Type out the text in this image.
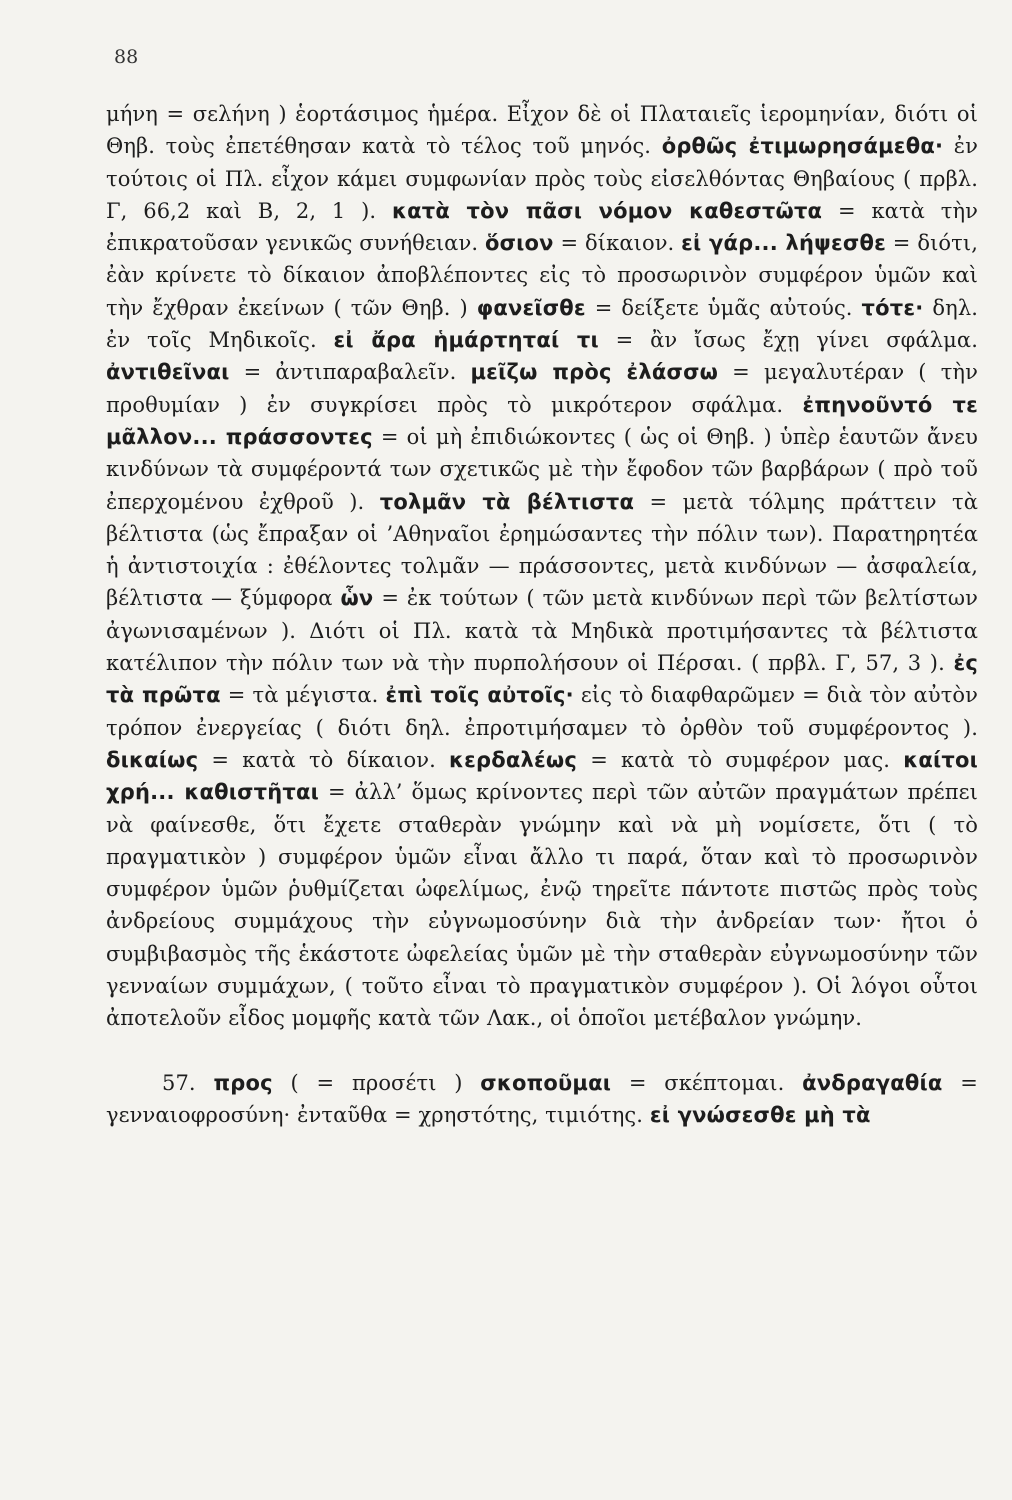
88

μήνη = σελήνη ) ἑορτάσιμος ἡμέρα. Εἶχον δὲ οἱ Πλαταιεῖς ἱερομηνίαν, διότι οἱ Θηβ. τοὺς ἐπετέθησαν κατὰ τὸ τέλος τοῦ μηνός. ὀρθῶς ἐτιμωρησάμεθα· ἐν τούτοις οἱ Πλ. εἶχον κάμει συμφωνίαν πρὸς τοὺς εἰσελθόντας Θηβαίους ( πρβλ. Γ, 66,2 καὶ Β, 2, 1 ). κατὰ τὸν πᾶσι νόμον καθεστῶτα = κατὰ τὴν ἐπικρατοῦσαν γενικῶς συνήθειαν. ὅσιον = δίκαιον. εἰ γάρ... λήψεσθε = διότι, ἐὰν κρίνετε τὸ δίκαιον ἀποβλέποντες εἰς τὸ προσωρινὸν συμφέρον ὑμῶν καὶ τὴν ἔχθραν ἐκείνων ( τῶν Θηβ. ) φανεῖσθε = δείξετε ὑμᾶς αὐτούς. τότε· δηλ. ἐν τοῖς Μηδικοῖς. εἰ ἄρα ἡμάρτηταί τι = ἂν ἴσως ἔχῃ γίνει σφάλμα. ἀντιθεῖναι = ἀντιπαραβαλεῖν. μεῖζω πρὸς ἐλάσσω = μεγαλυτέραν ( τὴν προθυμίαν ) ἐν συγκρίσει πρὸς τὸ μικρότερον σφάλμα. ἐπηνοῦντό τε μᾶλλον... πράσσοντες = οἱ μὴ ἐπιδιώκοντες ( ὡς οἱ Θηβ. ) ὑπὲρ ἑαυτῶν ἄνευ κινδύνων τὰ συμφέροντά των σχετικῶς μὲ τὴν ἔφοδον τῶν βαρβάρων ( πρὸ τοῦ ἐπερχομένου ἐχθροῦ ). τολμᾶν τὰ βέλτιστα = μετὰ τόλμης πράττειν τὰ βέλτιστα (ὡς ἔπραξαν οἱ ’Αθηναῖοι ἐρημώσαντες τὴν πόλιν των). Παρατηρητέα ἡ ἀντιστοιχία : ἐθέλοντες τολμᾶν — πράσσοντες, μετὰ κινδύνων — ἀσφαλεία, βέλτιστα — ξύμφορα ὧν = ἐκ τούτων ( τῶν μετὰ κινδύνων περὶ τῶν βελτίστων ἀγωνισαμένων ). Διότι οἱ Πλ. κατὰ τὰ Μηδικὰ προτιμήσαντες τὰ βέλτιστα κατέλιπον τὴν πόλιν των νὰ τὴν πυρπολήσουν οἱ Πέρσαι. ( πρβλ. Γ, 57, 3 ). ἐς τὰ πρῶτα = τὰ μέγιστα. ἐπὶ τοῖς αὐτοῖς· εἰς τὸ διαφθαρῶμεν = διὰ τὸν αὐτὸν τρόπον ἐνεργείας ( διότι δηλ. ἐπροτιμήσαμεν τὸ ὀρθὸν τοῦ συμφέροντος ). δικαίως = κατὰ τὸ δίκαιον. κερδαλέως = κατὰ τὸ συμφέρον μας. καίτοι χρή... καθιστῆται = ἀλλ’ ὅμως κρίνοντες περὶ τῶν αὐτῶν πραγμάτων πρέπει νὰ φαίνεσθε, ὅτι ἔχετε σταθερὰν γνώμην καὶ νὰ μὴ νομίσετε, ὅτι ( τὸ πραγματικὸν ) συμφέρον ὑμῶν εἶναι ἄλλο τι παρά, ὅταν καὶ τὸ προσωρινὸν συμφέρον ὑμῶν ῥυθμίζεται ὠφελίμως, ἐνῷ τηρεῖτε πάντοτε πιστῶς πρὸς τοὺς ἀνδρείους συμμάχους τὴν εὐγνωμοσύνην διὰ τὴν ἀνδρείαν των· ἤτοι ὁ συμβιβασμὸς τῆς ἑκάστοτε ὠφελείας ὑμῶν μὲ τὴν σταθερὰν εὐγνωμοσύνην τῶν γενναίων συμμάχων, ( τοῦτο εἶναι τὸ πραγματικὸν συμφέρον ). Οἱ λόγοι οὗτοι ἀποτελοῦν εἶδος μομφῆς κατὰ τῶν Λακ., οἱ ὁποῖοι μετέβαλον γνώμην.

57. προς ( = προσέτι ) σκοποῦμαι = σκέπτομαι. ἀνδραγαθία = γενναιοφροσύνη· ἐνταῦθα = χρηστότης, τιμιότης. εἰ γνώσεσθε μὴ τὰ
